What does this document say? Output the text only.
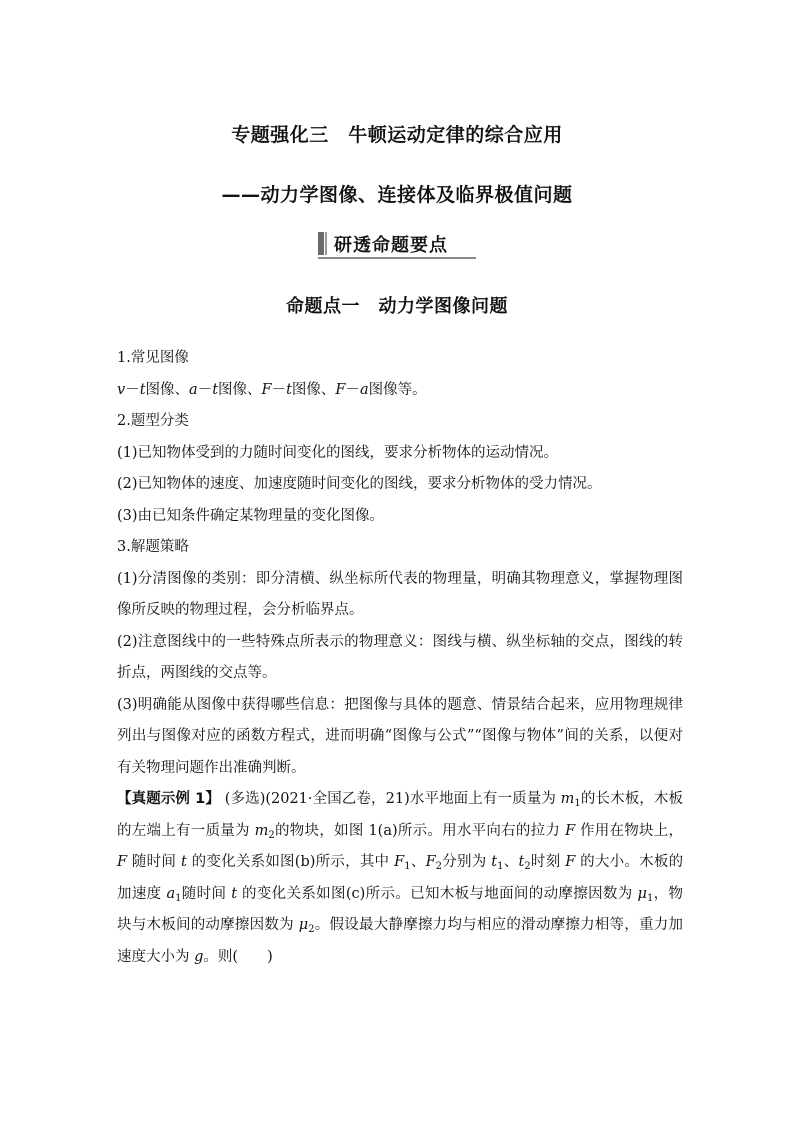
专题强化三　牛顿运动定律的综合应用
——动力学图像、连接体及临界极值问题
研透命题要点
命题点一　动力学图像问题

1.常见图像

v－t图像、a－t图像、F－t图像、F－a图像等。

2.题型分类

(1)已知物体受到的力随时间变化的图线，要求分析物体的运动情况。

(2)已知物体的速度、加速度随时间变化的图线，要求分析物体的受力情况。

(3)由已知条件确定某物理量的变化图像。

3.解题策略

(1)分清图像的类别：即分清横、纵坐标所代表的物理量，明确其物理意义，掌握物理图像所反映的物理过程，会分析临界点。

(2)注意图线中的一些特殊点所表示的物理意义：图线与横、纵坐标轴的交点，图线的转折点，两图线的交点等。

(3)明确能从图像中获得哪些信息：把图像与具体的题意、情景结合起来，应用物理规律列出与图像对应的函数方程式，进而明确“图像与公式”“图像与物体”间的关系，以便对有关物理问题作出准确判断。

【真题示例 1】 (多选)(2021·全国乙卷，21)水平地面上有一质量为 $m_1$的长木板，木板的左端上有一质量为 $m_2$的物块，如图 1(a)所示。用水平向右的拉力 F 作用在物块上，F 随时间 t 的变化关系如图(b)所示，其中 $F_1$、$F_2$分别为 $t_1$、$t_2$时刻 F 的大小。木板的加速度 $a_1$随时间 t 的变化关系如图(c)所示。已知木板与地面间的动摩擦因数为 $\mu_1$，物块与木板间的动摩擦因数为 $\mu_2$。假设最大静摩擦力均与相应的滑动摩擦力相等，重力加速度大小为 g。则(　　)
